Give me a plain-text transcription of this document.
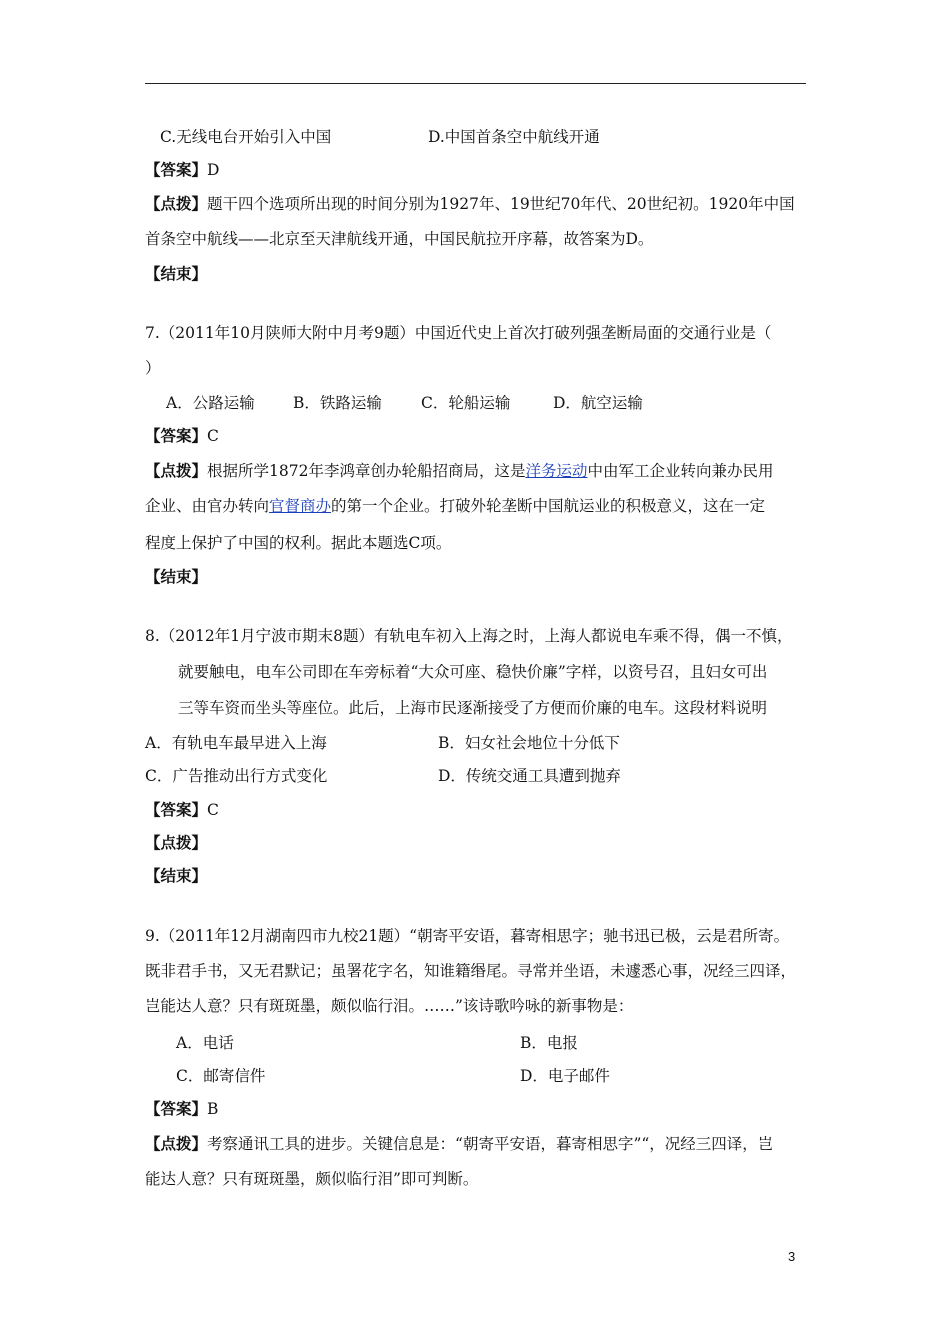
C.无线电台开始引入中国	D.中国首条空中航线开通
【答案】D
【点拨】题干四个选项所出现的时间分别为1927年、19世纪70年代、20世纪初。1920年中国
首条空中航线——北京至天津航线开通，中国民航拉开序幕，故答案为D。
【结束】
7.（2011年10月陕师大附中月考9题）中国近代史上首次打破列强垄断局面的交通行业是（
）
A．公路运输 B．铁路运输	C．轮船运输	D．航空运输
【答案】C
【点拨】根据所学1872年李鸿章创办轮船招商局，这是洋务运动中由军工企业转向兼办民用
企业、由官办转向官督商办的第一个企业。打破外轮垄断中国航运业的积极意义，这在一定
程度上保护了中国的权利。据此本题选C项。
【结束】
8.（2012年1月宁波市期末8题）有轨电车初入上海之时，上海人都说电车乘不得，偶一不慎，
就要触电，电车公司即在车旁标着“大众可座、稳快价廉”字样，以资号召，且妇女可出
三等车资而坐头等座位。此后，上海市民逐渐接受了方便而价廉的电车。这段材料说明
A．有轨电车最早进入上海	B．妇女社会地位十分低下
C．广告推动出行方式变化	D．传统交通工具遭到抛弃
【答案】C
【点拨】
【结束】
9.（2011年12月湖南四市九校21题）“朝寄平安语，暮寄相思字；驰书迅已极，云是君所寄。
既非君手书，又无君默记；虽署花字名，知谁籍缗尾。寻常并坐语，未遽悉心事，况经三四译，
岂能达人意？只有斑斑墨，颇似临行泪。……”该诗歌吟咏的新事物是：
A．电话	B．电报
C．邮寄信件	D．电子邮件
【答案】B
【点拨】考察通讯工具的进步。关键信息是：“朝寄平安语，暮寄相思字”“，况经三四译，岂
能达人意？只有斑斑墨，颇似临行泪”即可判断。
3
